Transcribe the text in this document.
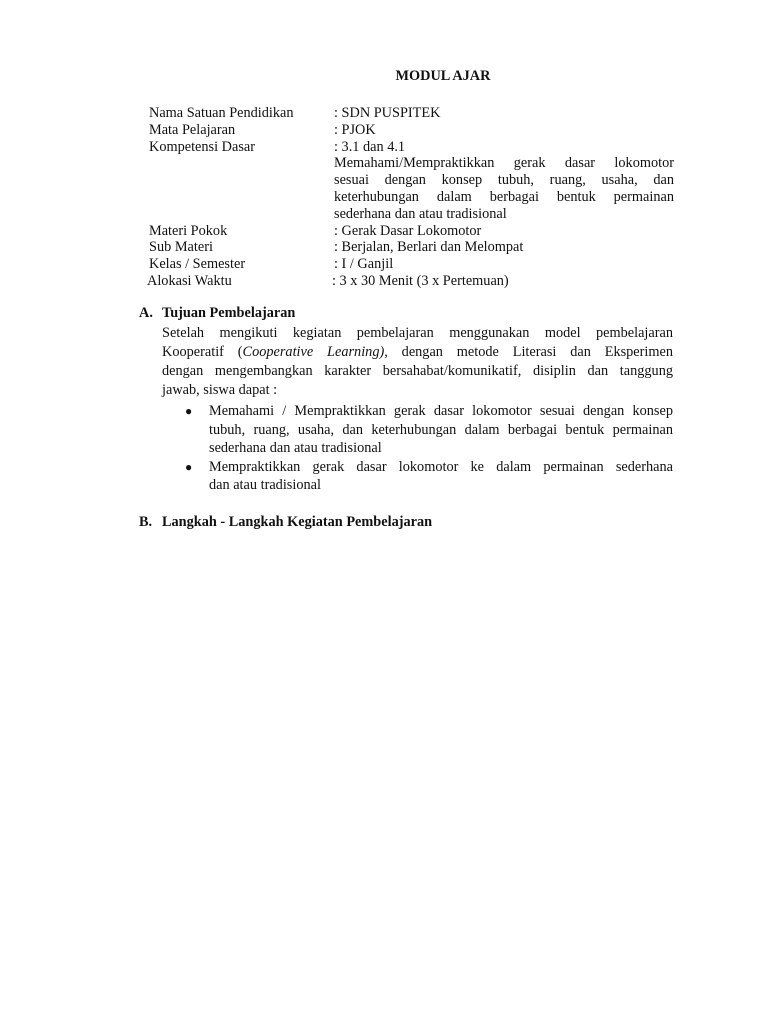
MODUL AJAR
Nama Satuan Pendidikan	: SDN PUSPITEK
Mata Pelajaran	: PJOK
Kompetensi Dasar	: 3.1 dan 4.1
Memahami/Mempraktikkan gerak dasar lokomotor
sesuai dengan konsep tubuh, ruang, usaha, dan
keterhubungan dalam berbagai bentuk permainan
sederhana dan atau tradisional
Materi Pokok	: Gerak Dasar Lokomotor
Sub Materi	: Berjalan, Berlari dan Melompat
Kelas / Semester	: I / Ganjil
Alokasi Waktu	: 3 x 30 Menit (3 x Pertemuan)
A. Tujuan Pembelajaran
Setelah mengikuti kegiatan pembelajaran menggunakan model pembelajaran
Kooperatif (Cooperative Learning), dengan metode Literasi dan Eksperimen
dengan mengembangkan karakter bersahabat/komunikatif, disiplin dan tanggung
jawab, siswa dapat :
●	Memahami / Mempraktikkan gerak dasar lokomotor sesuai dengan konsep
tubuh, ruang, usaha, dan keterhubungan dalam berbagai bentuk permainan
sederhana dan atau tradisional
●	Mempraktikkan gerak dasar lokomotor ke dalam permainan sederhana
dan atau tradisional
B. Langkah - Langkah Kegiatan Pembelajaran
